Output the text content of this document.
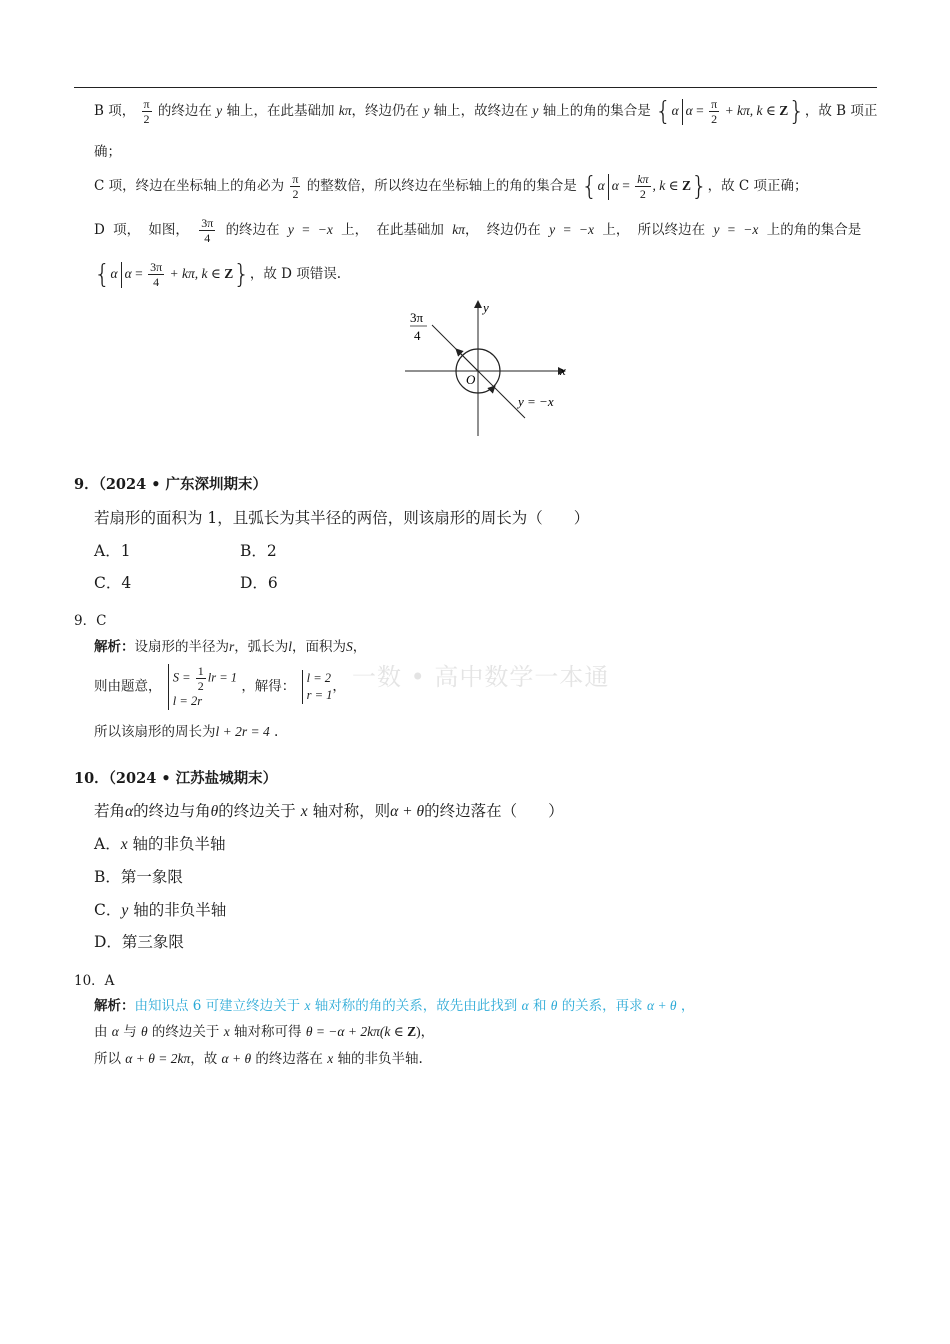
B 项， $\frac{\pi}{2}$ 的终边在 y 轴上，在此基础加 kπ，终边仍在 y 轴上，故终边在 y 轴上的角的集合是 {α $\alpha = \frac{\pi}{2} + k\pi$, k ∈ Z}，故 B 项正
确；
C 项，终边在坐标轴上的角必为 $\frac{\pi}{2}$ 的整数倍，所以终边在坐标轴上的角的集合是 {α $\alpha = \frac{k\pi}{2}$ , k ∈ Z}，故 C 项正确；
D 项， 如图， $\frac{3\pi}{4}$ 的终边在 y = −x 上， 在此基础加 kπ， 终边仍在 y = −x 上， 所以终边在 y = −x 上的角的集合是
{α $\alpha = \frac{3\pi}{4} + k\pi$, k ∈ Z}，故 D 项错误.
3π
4
y
x
O
y = −x
9．（2024 • 广东深圳期末）
若扇形的面积为 1，且弧长为其半径的两倍，则该扇形的周长为（　　）
A．1	B．2
C．4	D．6
9．C
解析：设扇形的半径为r，弧长为l，面积为S，
则由题意，
$S = \frac{1}{2}$ lr = 1
l = 2r
，解得：
l = 2
r = 1
， 一数 • 高中数学一本通
所以该扇形的周长为l + 2r = 4 .
10．（2024 • 江苏盐城期末）
若角α的终边与角θ的终边关于 x 轴对称，则α + θ的终边落在（　　）
A．x 轴的非负半轴
B．第一象限
C．y 轴的非负半轴
D．第三象限
10．A
解析：由知识点 6 可建立终边关于 x 轴对称的角的关系，故先由此找到 α 和 θ 的关系，再求 α + θ ，
由 α 与 θ 的终边关于 x 轴对称可得 θ = −α + 2kπ(k ∈ Z)，
所以 α + θ = 2kπ，故 α + θ 的终边落在 x 轴的非负半轴.
